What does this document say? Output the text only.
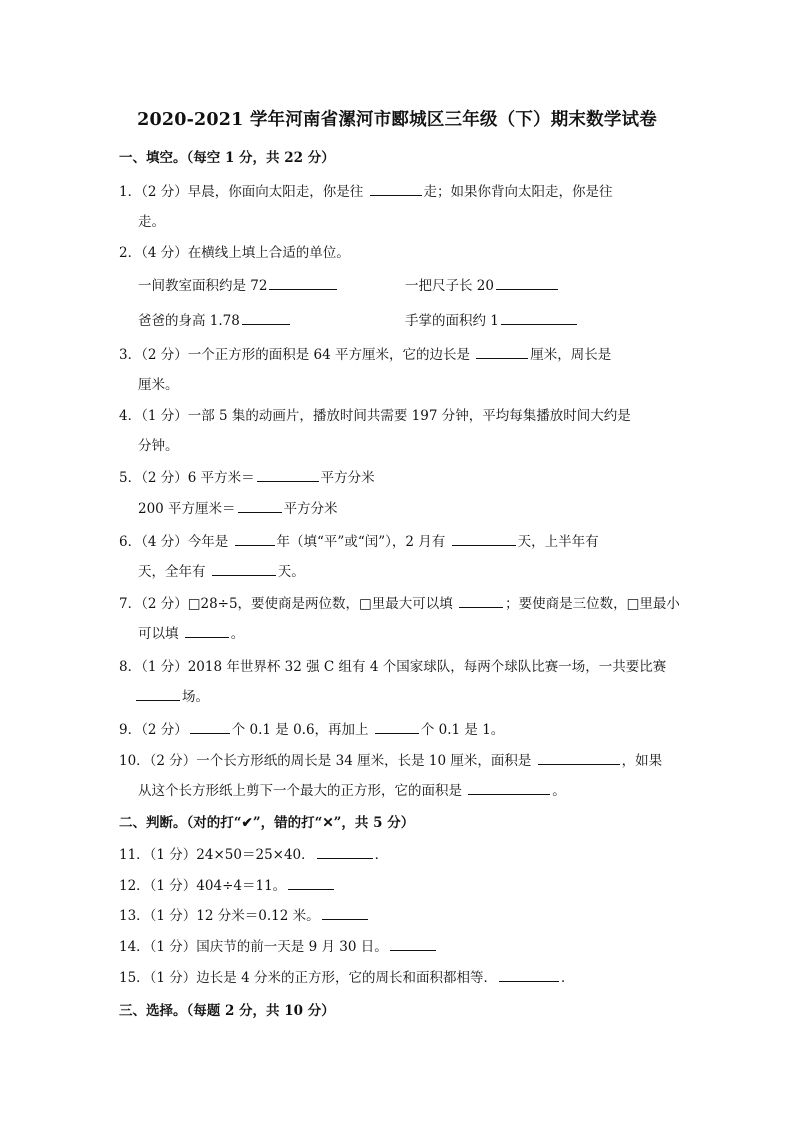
2020-2021 学年河南省漯河市郾城区三年级（下）期末数学试卷
一、填空。（每空 1 分，共 22 分）
1．（2 分）早晨，你面向太阳走，你是往	走；如果你背向太阳走，你是往
走。
2．（4 分）在横线上填上合适的单位。
一间教室面积约是 72	一把尺子长 20
爸爸的身高 1.78	手掌的面积约 1
3．（2 分）一个正方形的面积是 64 平方厘米，它的边长是	厘米，周长是
厘米。
4．（1 分）一部 5 集的动画片，播放时间共需要 197 分钟，平均每集播放时间大约是
分钟。
5．（2 分）6 平方米＝	平方分米
200 平方厘米＝	平方分米
6．（4 分）今年是	年（填“平”或“闰”），2 月有	天，上半年有
天，全年有	天。
7．（2 分）□28÷5，要使商是两位数，□里最大可以填	；要使商是三位数，□里最小
可以填	。
8．（1 分）2018 年世界杯 32 强 C 组有 4 个国家球队，每两个球队比赛一场，一共要比赛
场。
9．（2 分）	个 0.1 是 0.6，再加上	个 0.1 是 1。
10．（2 分）一个长方形纸的周长是 34 厘米，长是 10 厘米，面积是	，如果
从这个长方形纸上剪下一个最大的正方形，它的面积是	。
二、判断。（对的打“✔”，错的打“✕”，共 5 分）
11．（1 分）24×50＝25×40．	．
12．（1 分）404÷4＝11。
13．（1 分）12 分米＝0.12 米。
14．（1 分）国庆节的前一天是 9 月 30 日。
15．（1 分）边长是 4 分米的正方形，它的周长和面积都相等．	．
三、选择。（每题 2 分，共 10 分）
